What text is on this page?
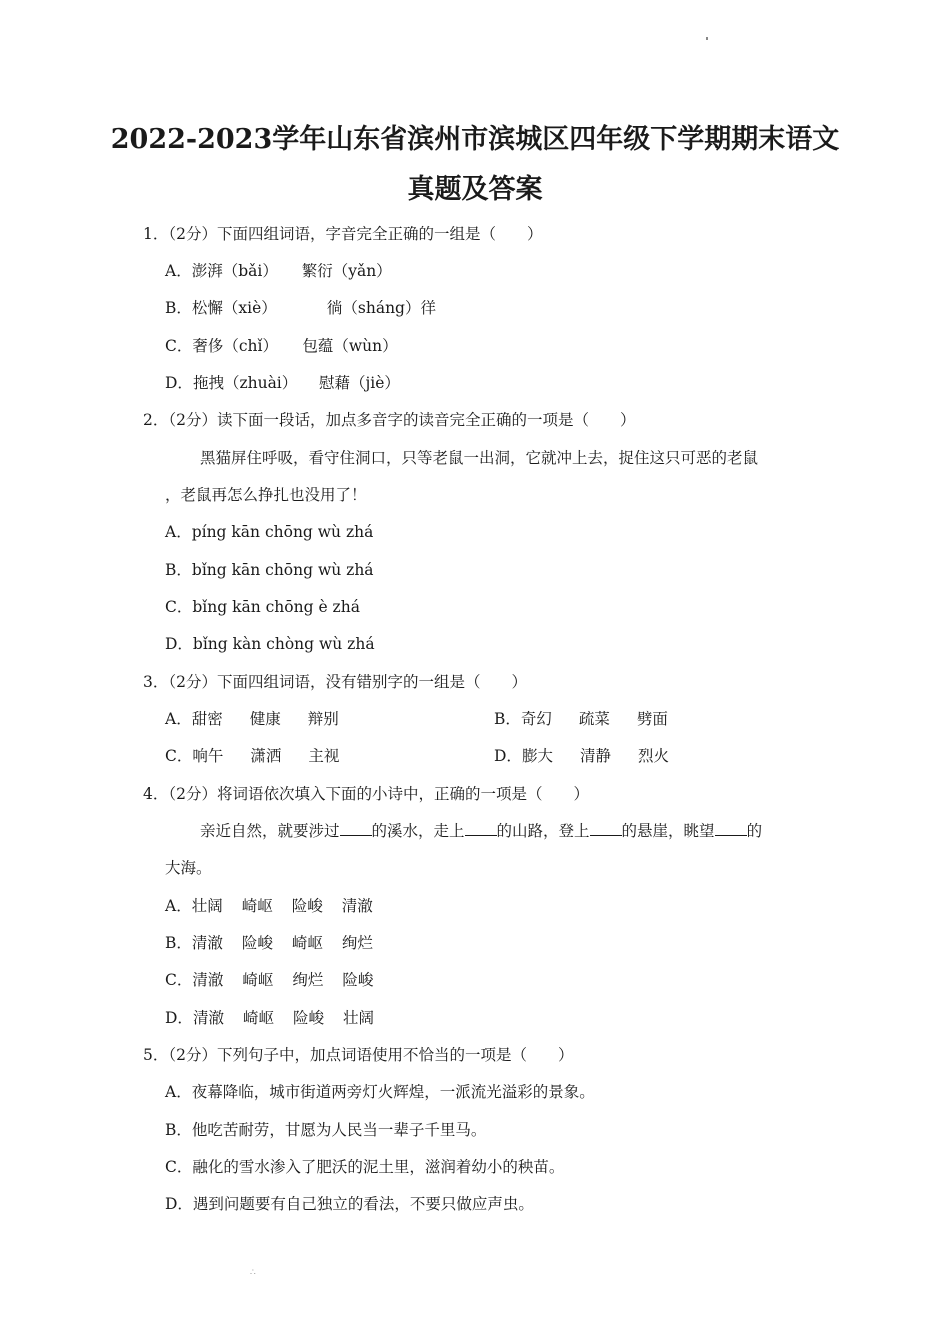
2022-2023学年山东省滨州市滨城区四年级下学期期末语文
真题及答案
1．（2分）下面四组词语，字音完全正确的一组是（　　）
A．澎湃（bǎi） 繁衍（yǎn）
B．松懈（xiè）	徜（sháng）徉
C．奢侈（chǐ） 包蕴（wùn）
D．拖拽（zhuài） 慰藉（jiè）
2．（2分）读下面一段话，加点多音字的读音完全正确的一项是（　　）
黑猫屏住呼吸，看守住洞口，只等老鼠一出洞，它就冲上去，捉住这只可恶的老鼠
，老鼠再怎么挣扎也没用了！
A．píng kān chōng wù zhá
B．bǐng kān chōng wù zhá
C．bǐng kān chōng è zhá
D．bǐng kàn chòng wù zhá
3．（2分）下面四组词语，没有错别字的一组是（　　）
A．甜密 健康 辩别	B．奇幻 疏菜 劈面
C．响午 潇洒 主视	D．膨大 清静 烈火
4．（2分）将词语依次填入下面的小诗中，正确的一项是（　　）
亲近自然，就要涉过 的溪水，走上 的山路，登上 的悬崖，眺望 的
大海。
A．壮阔 崎岖 险峻 清澈
B．清澈 险峻 崎岖 绚烂
C．清澈 崎岖 绚烂 险峻
D．清澈 崎岖 险峻 壮阔
5．（2分）下列句子中，加点词语使用不恰当的一项是（　　）
A．夜幕降临，城市街道两旁灯火辉煌，一派流光溢彩的景象。
B．他吃苦耐劳，甘愿为人民当一辈子千里马。
C．融化的雪水渗入了肥沃的泥土里，滋润着幼小的秧苗。
D．遇到问题要有自己独立的看法，不要只做应声虫。
∴
